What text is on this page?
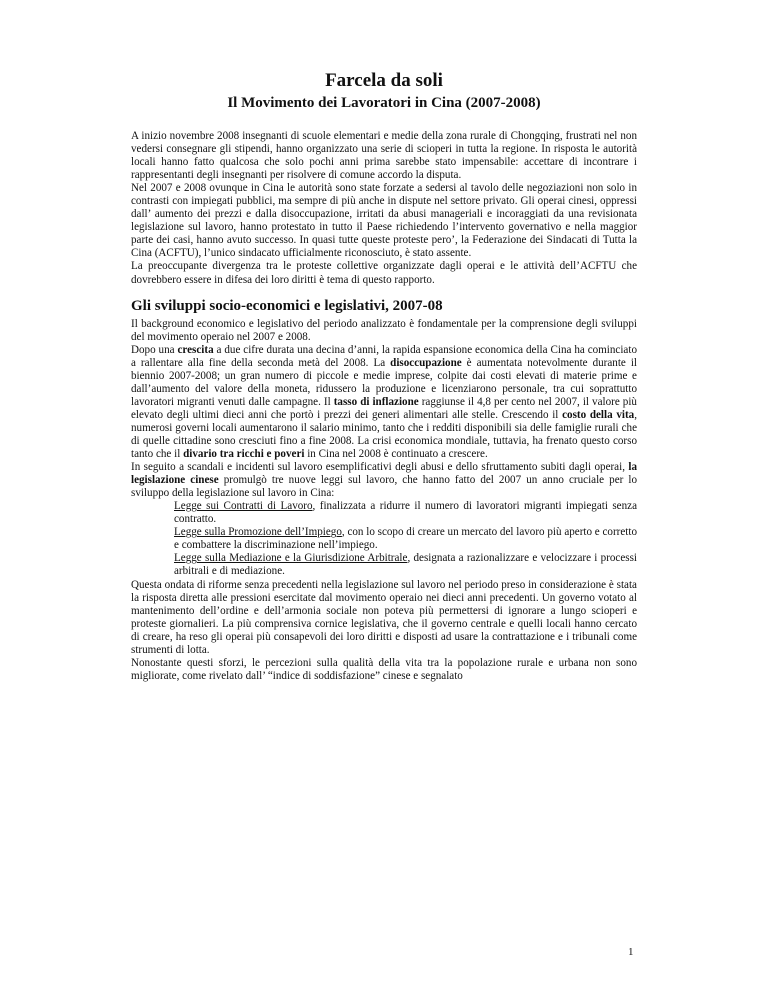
Farcela da soli
Il Movimento dei Lavoratori in Cina (2007-2008)

A inizio novembre 2008 insegnanti di scuole elementari e medie della zona rurale di Chongqing, frustrati nel non vedersi consegnare gli stipendi, hanno organizzato una serie di scioperi in tutta la regione. In risposta le autorità locali hanno fatto qualcosa che solo pochi anni prima sarebbe stato impensabile: accettare di incontrare i rappresentanti degli insegnanti per risolvere di comune accordo la disputa.

Nel 2007 e 2008 ovunque in Cina le autorità sono state forzate a sedersi al tavolo delle negoziazioni non solo in contrasti con impiegati pubblici, ma sempre di più anche in dispute nel settore privato. Gli operai cinesi, oppressi dall’ aumento dei prezzi e dalla disoccupazione, irritati da abusi manageriali e incoraggiati da una revisionata legislazione sul lavoro, hanno protestato in tutto il Paese richiedendo l’intervento governativo e nella maggior parte dei casi, hanno avuto successo. In quasi tutte queste proteste pero’, la Federazione dei Sindacati di Tutta la Cina (ACFTU), l’unico sindacato ufficialmente riconosciuto, è stato assente.

La preoccupante divergenza tra le proteste collettive organizzate dagli operai e le attività dell’ACFTU che dovrebbero essere in difesa dei loro diritti è tema di questo rapporto.

Gli sviluppi socio-economici e legislativi, 2007-08

Il background economico e legislativo del periodo analizzato è fondamentale per la comprensione degli sviluppi del movimento operaio nel 2007 e 2008.

Dopo una crescita a due cifre durata una decina d’anni, la rapida espansione economica della Cina ha cominciato a rallentare alla fine della seconda metà del 2008. La disoccupazione è aumentata notevolmente durante il biennio 2007-2008; un gran numero di piccole e medie imprese, colpite dai costi elevati di materie prime e dall’aumento del valore della moneta, ridussero la produzione e licenziarono personale, tra cui soprattutto lavoratori migranti venuti dalle campagne. Il tasso di inflazione raggiunse il 4,8 per cento nel 2007, il valore più elevato degli ultimi dieci anni che portò i prezzi dei generi alimentari alle stelle. Crescendo il costo della vita, numerosi governi locali aumentarono il salario minimo, tanto che i redditi disponibili sia delle famiglie rurali che di quelle cittadine sono cresciuti fino a fine 2008. La crisi economica mondiale, tuttavia, ha frenato questo corso tanto che il divario tra ricchi e poveri in Cina nel 2008 è continuato a crescere.

In seguito a scandali e incidenti sul lavoro esemplificativi degli abusi e dello sfruttamento subiti dagli operai, la legislazione cinese promulgò tre nuove leggi sul lavoro, che hanno fatto del 2007 un anno cruciale per lo sviluppo della legislazione sul lavoro in Cina:

Legge sui Contratti di Lavoro, finalizzata a ridurre il numero di lavoratori migranti impiegati senza contratto.

Legge sulla Promozione dell’Impiego, con lo scopo di creare un mercato del lavoro più aperto e corretto e combattere la discriminazione nell’impiego.

Legge sulla Mediazione e la Giurisdizione Arbitrale, designata a razionalizzare e velocizzare i processi arbitrali e di mediazione.

Questa ondata di riforme senza precedenti nella legislazione sul lavoro nel periodo preso in considerazione è stata la risposta diretta alle pressioni esercitate dal movimento operaio nei dieci anni precedenti. Un governo votato al mantenimento dell’ordine e dell’armonia sociale non poteva più permettersi di ignorare a lungo scioperi e proteste giornalieri. La più comprensiva cornice legislativa, che il governo centrale e quelli locali hanno cercato di creare, ha reso gli operai più consapevoli dei loro diritti e disposti ad usare la contrattazione e i tribunali come strumenti di lotta.

Nonostante questi sforzi, le percezioni sulla qualità della vita tra la popolazione rurale e urbana non sono migliorate, come rivelato dall’ “indice di soddisfazione” cinese e segnalato

1
